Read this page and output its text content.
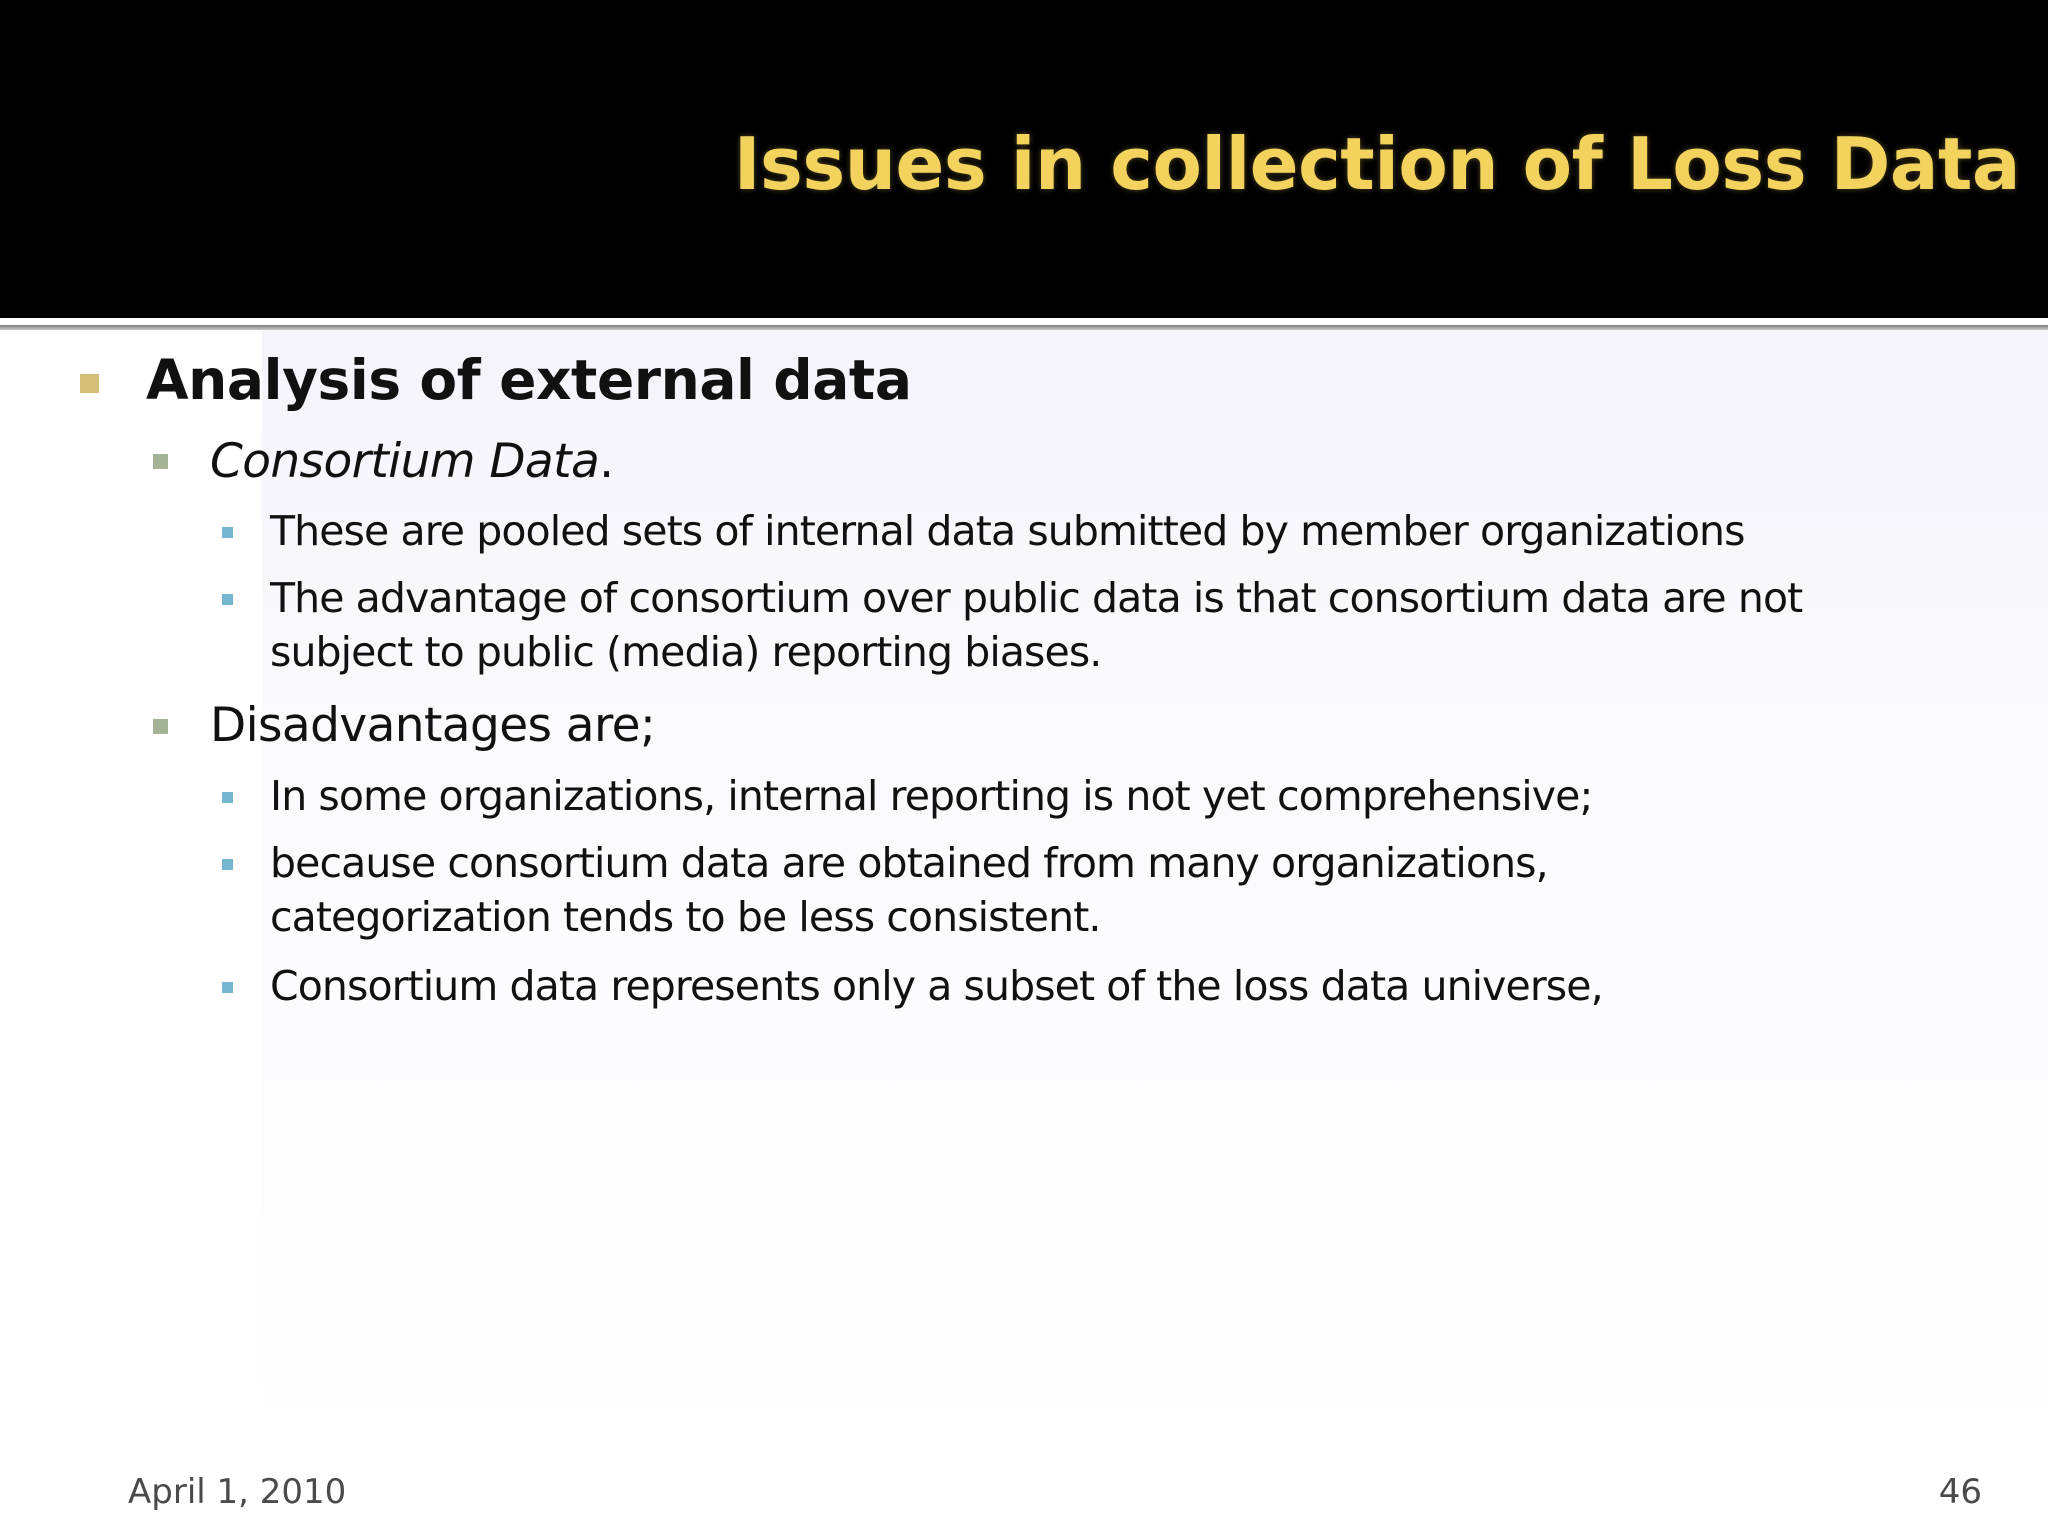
Issues in collection of Loss Data
Analysis of external data
Consortium Data.
These are pooled sets of internal data submitted by member organizations
The advantage of consortium over public data is that consortium data are not
subject to public (media) reporting biases.
Disadvantages are;
In some organizations, internal reporting is not yet comprehensive;
because consortium data are obtained from many organizations,
categorization tends to be less consistent.
Consortium data represents only a subset of the loss data universe,
April 1, 2010	46
